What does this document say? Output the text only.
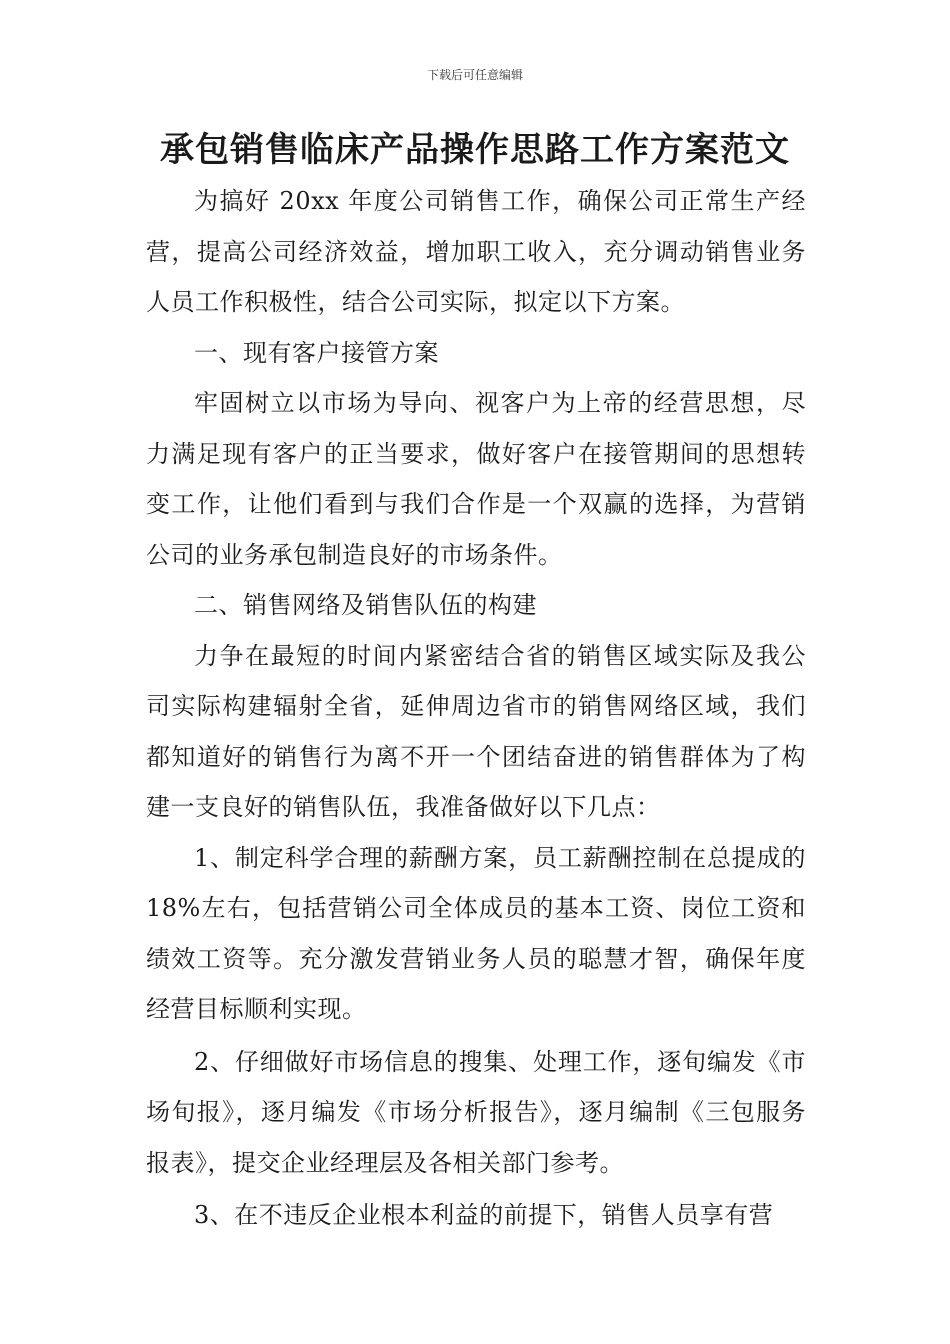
下载后可任意编辑
承包销售临床产品操作思路工作方案范文

为搞好 20xx 年度公司销售工作，确保公司正常生产经营，提高公司经济效益，增加职工收入，充分调动销售业务人员工作积极性，结合公司实际，拟定以下方案。

一、现有客户接管方案

牢固树立以市场为导向、视客户为上帝的经营思想，尽力满足现有客户的正当要求，做好客户在接管期间的思想转变工作，让他们看到与我们合作是一个双赢的选择，为营销公司的业务承包制造良好的市场条件。

二、销售网络及销售队伍的构建

力争在最短的时间内紧密结合省的销售区域实际及我公司实际构建辐射全省，延伸周边省市的销售网络区域，我们都知道好的销售行为离不开一个团结奋进的销售群体为了构建一支良好的销售队伍，我准备做好以下几点：

1、制定科学合理的薪酬方案，员工薪酬控制在总提成的 18%左右，包括营销公司全体成员的基本工资、岗位工资和绩效工资等。充分激发营销业务人员的聪慧才智，确保年度经营目标顺利实现。

2、仔细做好市场信息的搜集、处理工作，逐旬编发《市场旬报》，逐月编发《市场分析报告》，逐月编制《三包服务报表》，提交企业经理层及各相关部门参考。

3、在不违反企业根本利益的前提下，销售人员享有营
